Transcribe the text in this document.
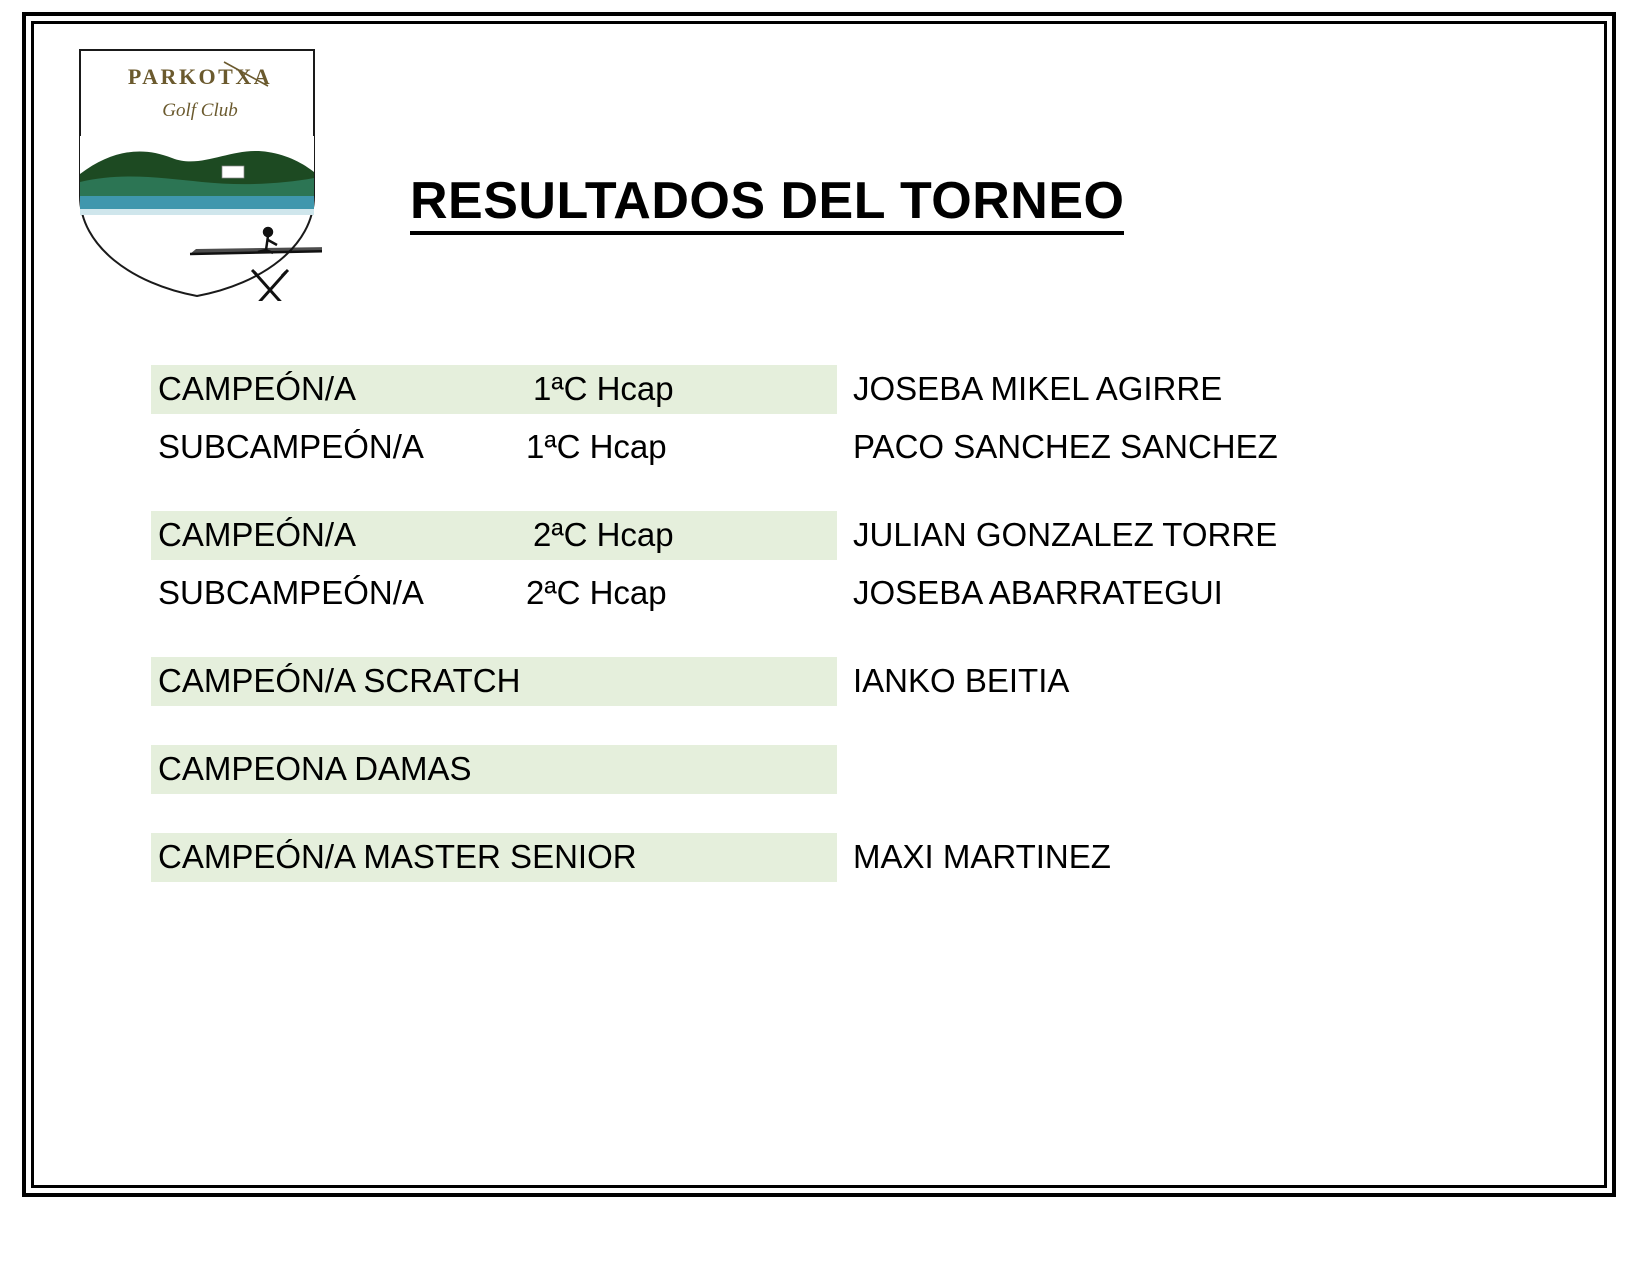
PARKOTXA
Golf Club
RESULTADOS DEL TORNEO
CAMPEÓN/A	1ªC Hcap	JOSEBA MIKEL AGIRRE
SUBCAMPEÓN/A	1ªC Hcap	PACO SANCHEZ SANCHEZ
CAMPEÓN/A	2ªC Hcap	JULIAN GONZALEZ TORRE
SUBCAMPEÓN/A	2ªC Hcap	JOSEBA ABARRATEGUI
CAMPEÓN/A SCRATCH	IANKO BEITIA
CAMPEONA DAMAS
CAMPEÓN/A MASTER SENIOR	MAXI MARTINEZ
